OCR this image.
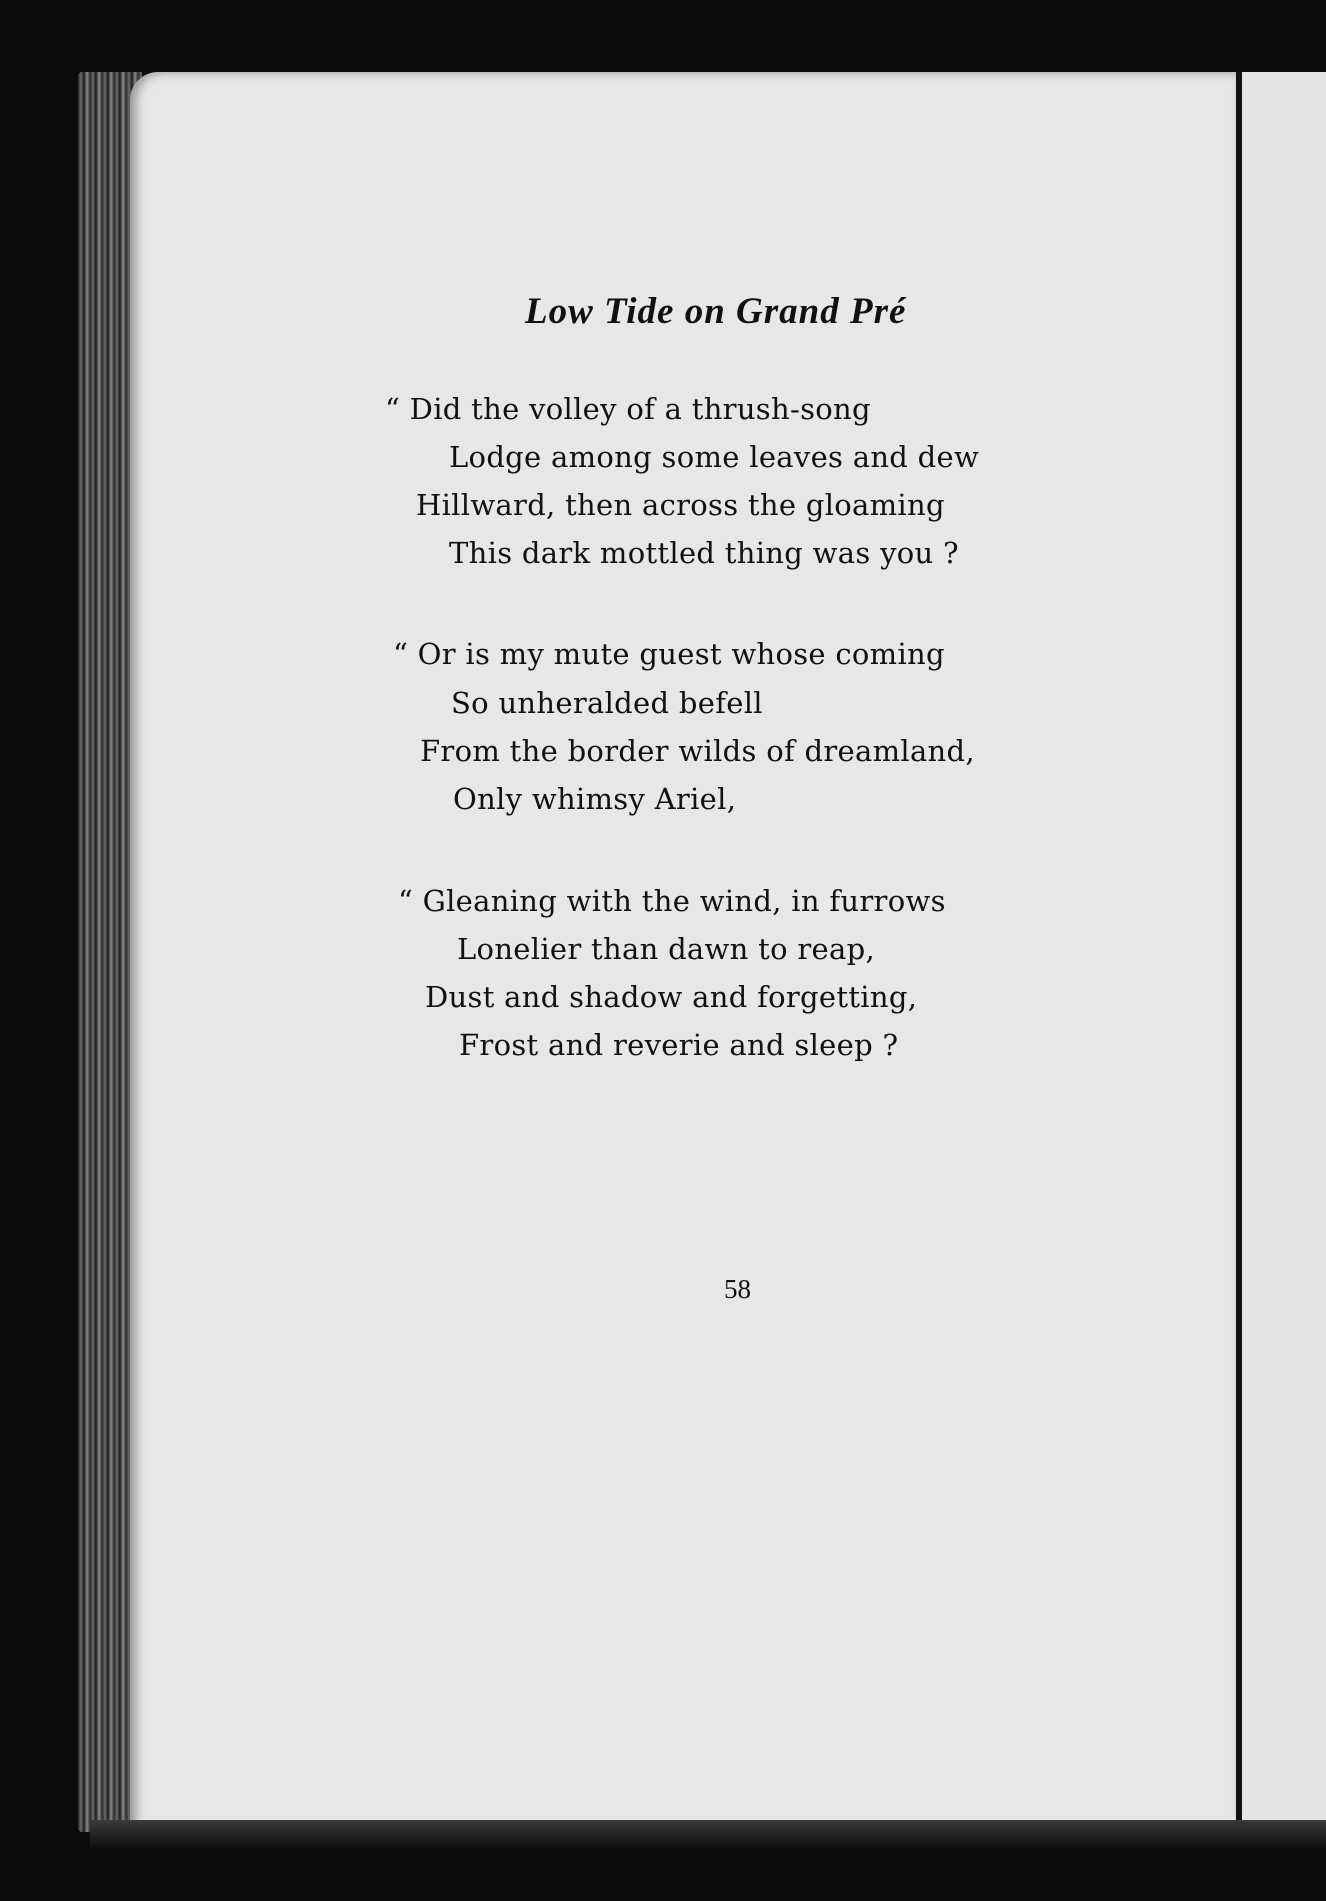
Low Tide on Grand Pré
“ Did the volley of a thrush-song
Lodge among some leaves and dew
Hillward, then across the gloaming
This dark mottled thing was you ?
“ Or is my mute guest whose coming
So unheralded befell
From the border wilds of dreamland,
Only whimsy Ariel,
“ Gleaning with the wind, in furrows
Lonelier than dawn to reap,
Dust and shadow and forgetting,
Frost and reverie and sleep ?
58
